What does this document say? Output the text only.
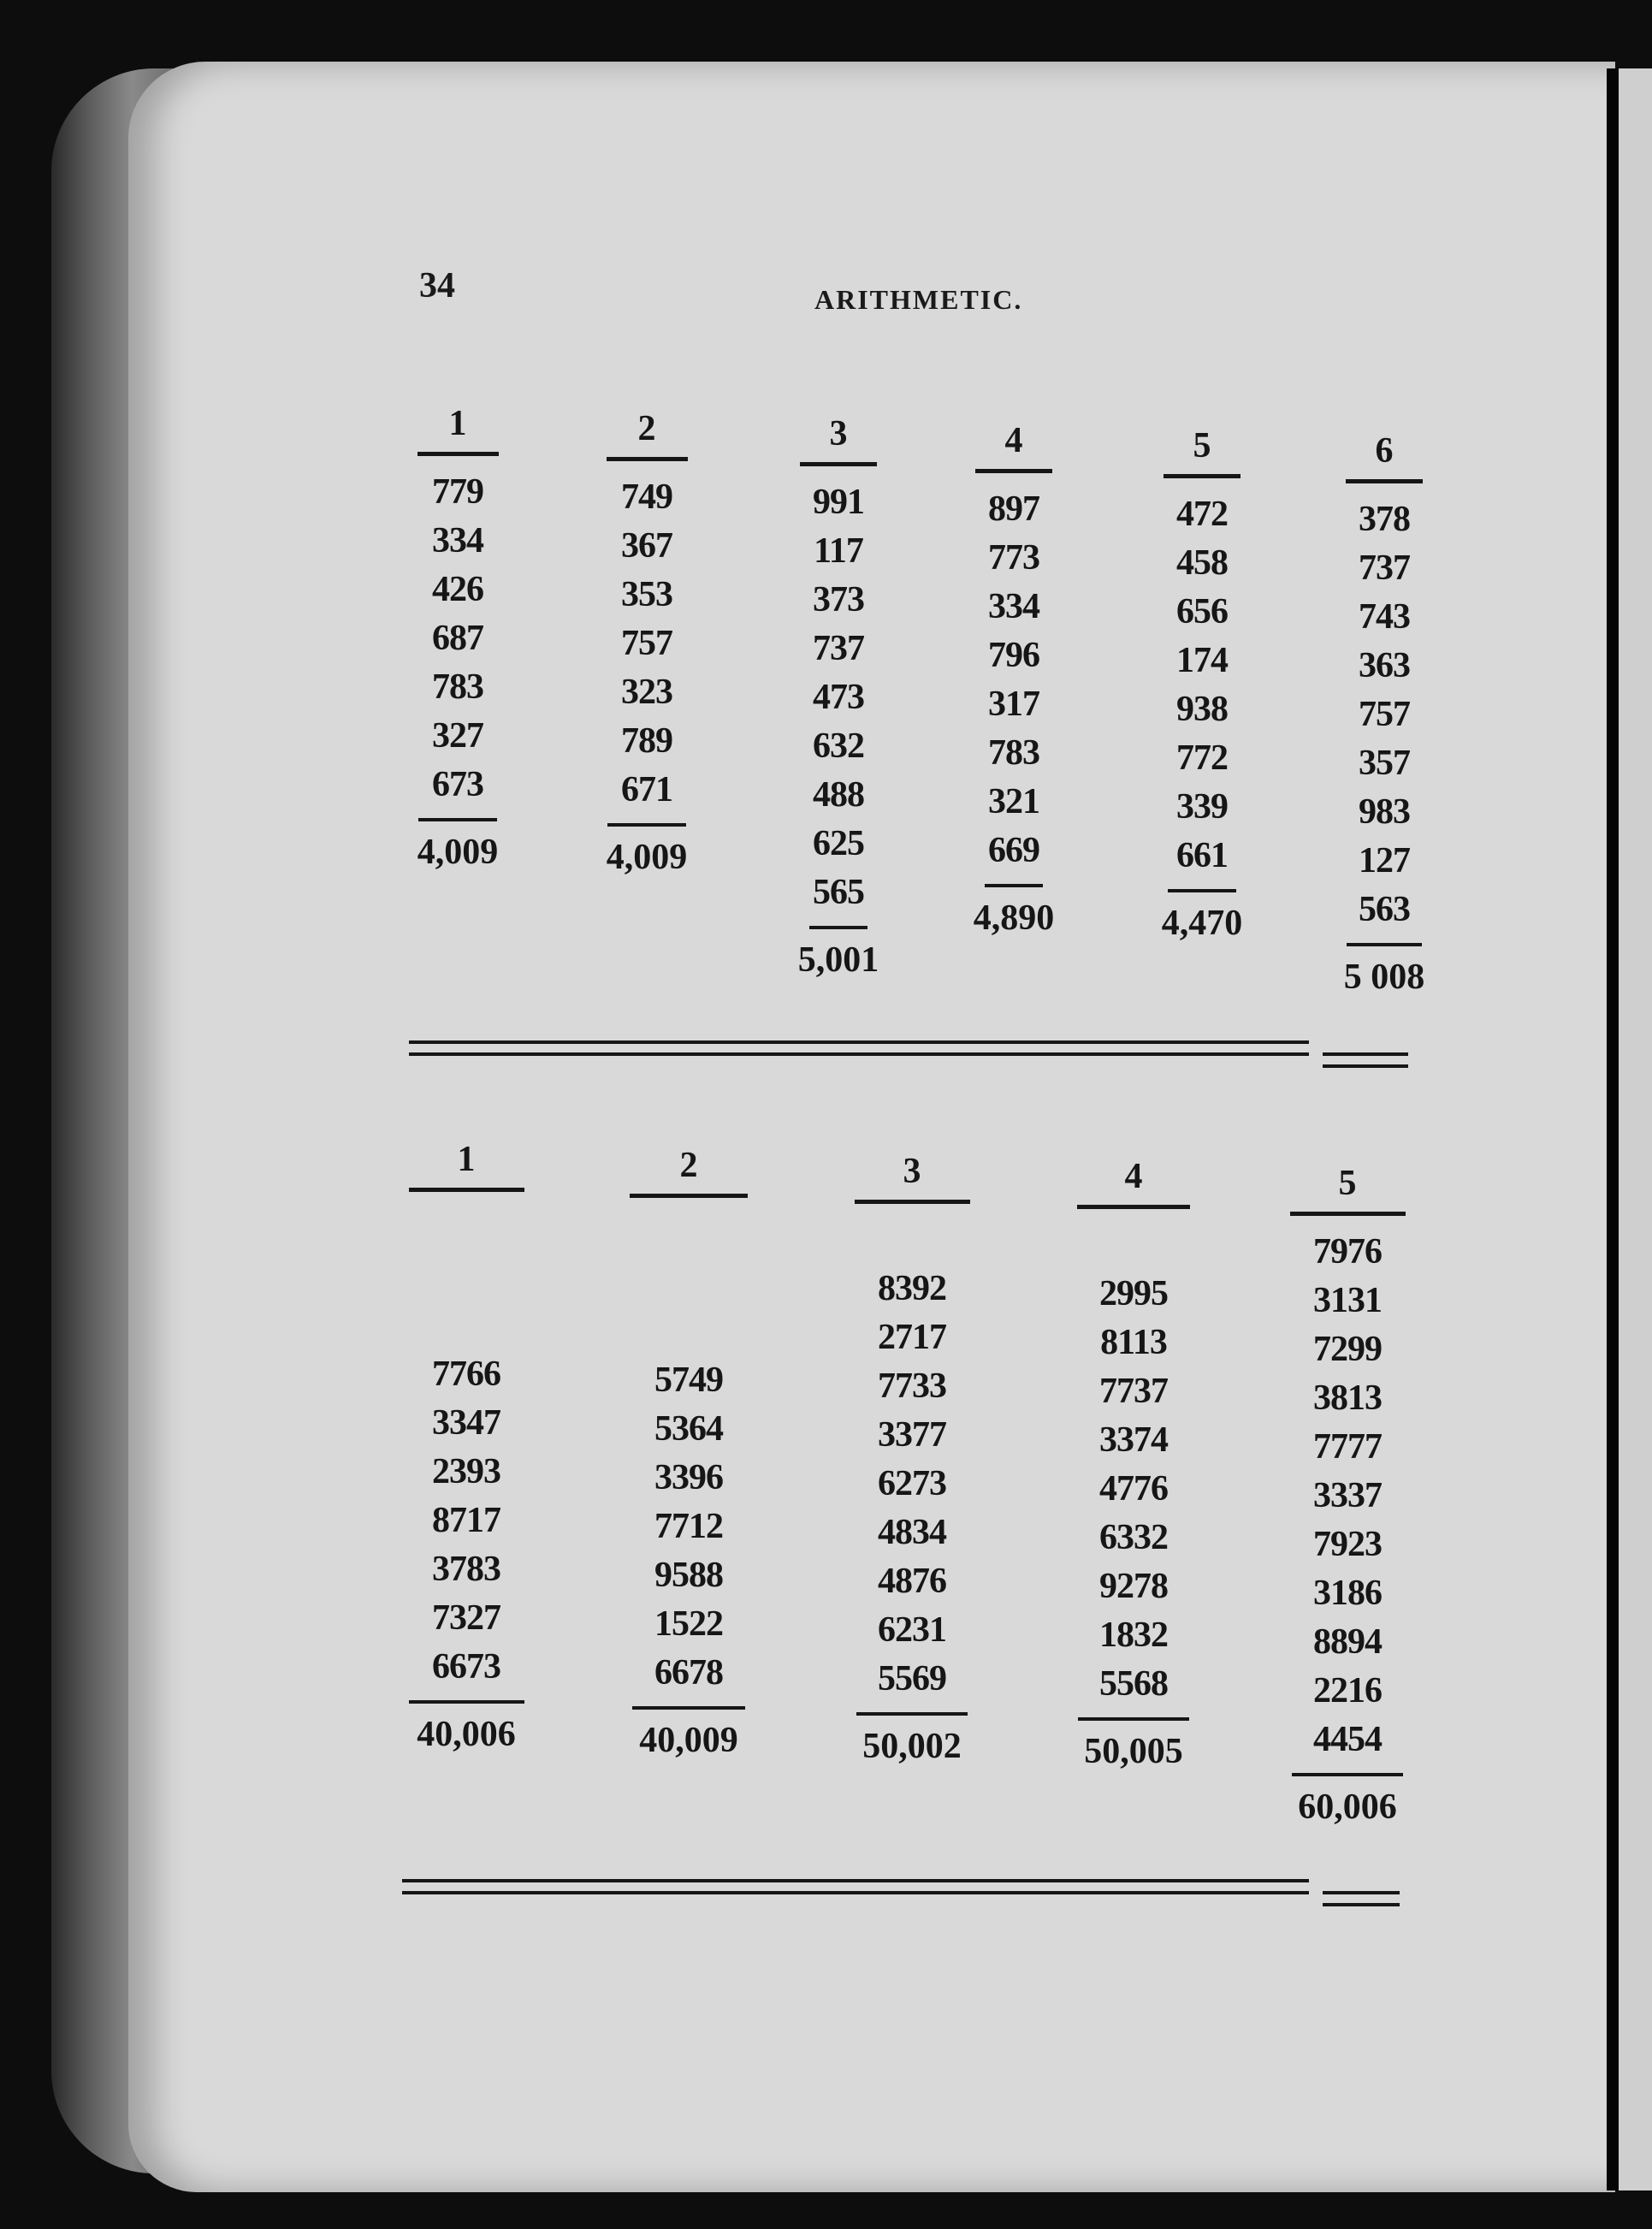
34	ARITHMETIC.
1
779
334
426
687
783
327
673
4,009
2
749
367
353
757
323
789
671
4,009
3
991
117
373
737
473
632
488
625
565
5,001
4
897
773
334
796
317
783
321
669
4,890
5
472
458
656
174
938
772
339
661
4,470
6
378
737
743
363
757
357
983
127
563
5 008
1
7766
3347
2393
8717
3783
7327
6673
40,006
2
5749
5364
3396
7712
9588
1522
6678
40,009
3
8392
2717
7733
3377
6273
4834
4876
6231
5569
50,002
4
2995
8113
7737
3374
4776
6332
9278
1832
5568
50,005
5
7976
3131
7299
3813
7777
3337
7923
3186
8894
2216
4454
60,006
